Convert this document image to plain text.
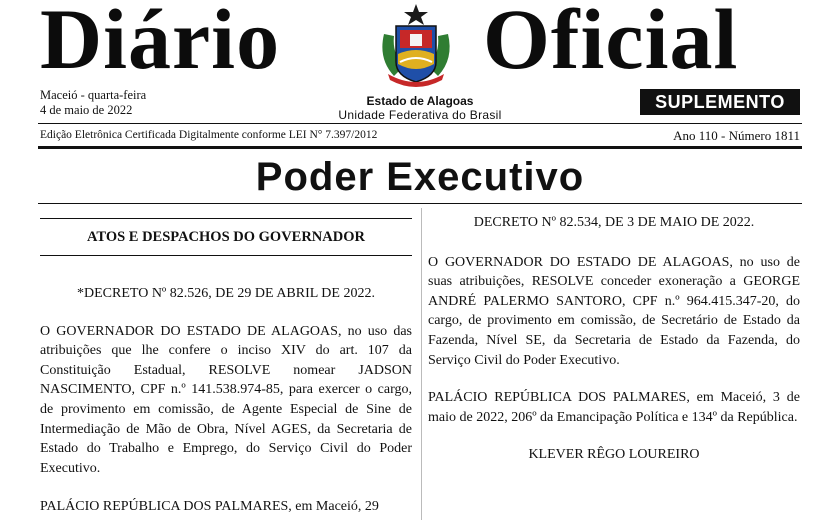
Diário Oficial
Maceió - quarta-feira
4 de maio de 2022
Estado de Alagoas
Unidade Federativa do Brasil
SUPLEMENTO
Edição Eletrônica Certificada Digitalmente conforme LEI N° 7.397/2012	Ano 110 - Número 1811
Poder Executivo
ATOS E DESPACHOS DO GOVERNADOR

*DECRETO Nº 82.526, DE 29 DE ABRIL DE 2022.

O GOVERNADOR DO ESTADO DE ALAGOAS, no uso das atribuições que lhe confere o inciso XIV do art. 107 da Constituição Estadual, RESOLVE nomear JADSON NASCIMENTO, CPF n.º 141.538.974-85, para exercer o cargo, de provimento em comissão, de Agente Especial de Sine de Intermediação de Mão de Obra, Nível AGES, da Secretaria de Estado do Trabalho e Emprego, do Serviço Civil do Poder Executivo.

PALÁCIO REPÚBLICA DOS PALMARES, em Maceió, 29

DECRETO Nº 82.534, DE 3 DE MAIO DE 2022.

O GOVERNADOR DO ESTADO DE ALAGOAS, no uso de suas atribuições, RESOLVE conceder exoneração a GEORGE ANDRÉ PALERMO SANTORO, CPF n.º 964.415.347-20, do cargo, de provimento em comissão, de Secretário de Estado da Fazenda, Nível SE, da Secretaria de Estado da Fazenda, do Serviço Civil do Poder Executivo.

PALÁCIO REPÚBLICA DOS PALMARES, em Maceió, 3 de maio de 2022, 206º da Emancipação Política e 134º da República.

KLEVER RÊGO LOUREIRO
